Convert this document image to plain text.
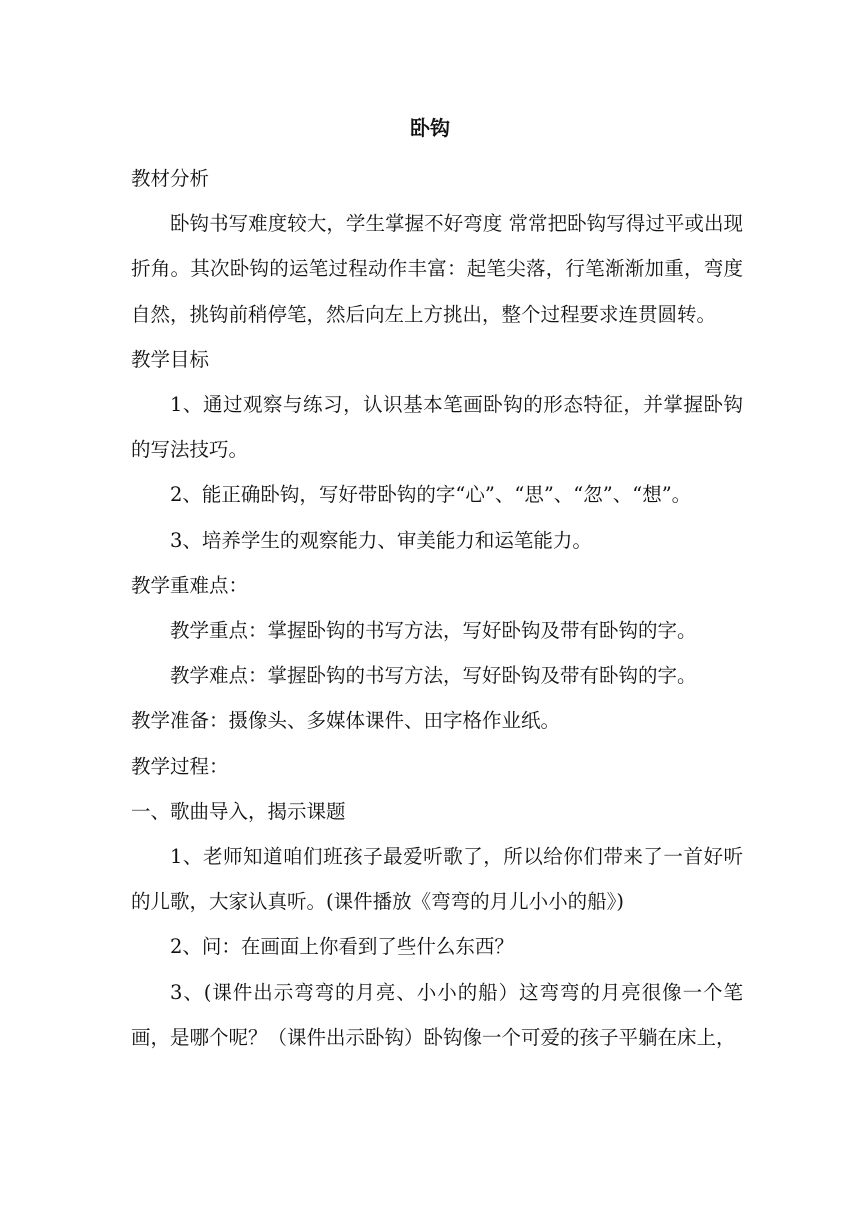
卧钩

教材分析

卧钩书写难度较大，学生掌握不好弯度 常常把卧钩写得过平或出现折角。其次卧钩的运笔过程动作丰富：起笔尖落，行笔渐渐加重，弯度自然，挑钩前稍停笔，然后向左上方挑出，整个过程要求连贯圆转。

教学目标

1、通过观察与练习，认识基本笔画卧钩的形态特征，并掌握卧钩的写法技巧。

2、能正确卧钩，写好带卧钩的字“心”、“思”、“忽”、“想”。

3、培养学生的观察能力、审美能力和运笔能力。

教学重难点：

教学重点：掌握卧钩的书写方法，写好卧钩及带有卧钩的字。

教学难点：掌握卧钩的书写方法，写好卧钩及带有卧钩的字。

教学准备：摄像头、多媒体课件、田字格作业纸。

教学过程：

一、歌曲导入，揭示课题

1、老师知道咱们班孩子最爱听歌了，所以给你们带来了一首好听的儿歌，大家认真听。(课件播放《弯弯的月儿小小的船》)

2、问：在画面上你看到了些什么东西？

3、(课件出示弯弯的月亮、小小的船）这弯弯的月亮很像一个笔画，是哪个呢？（课件出示卧钩）卧钩像一个可爱的孩子平躺在床上，
